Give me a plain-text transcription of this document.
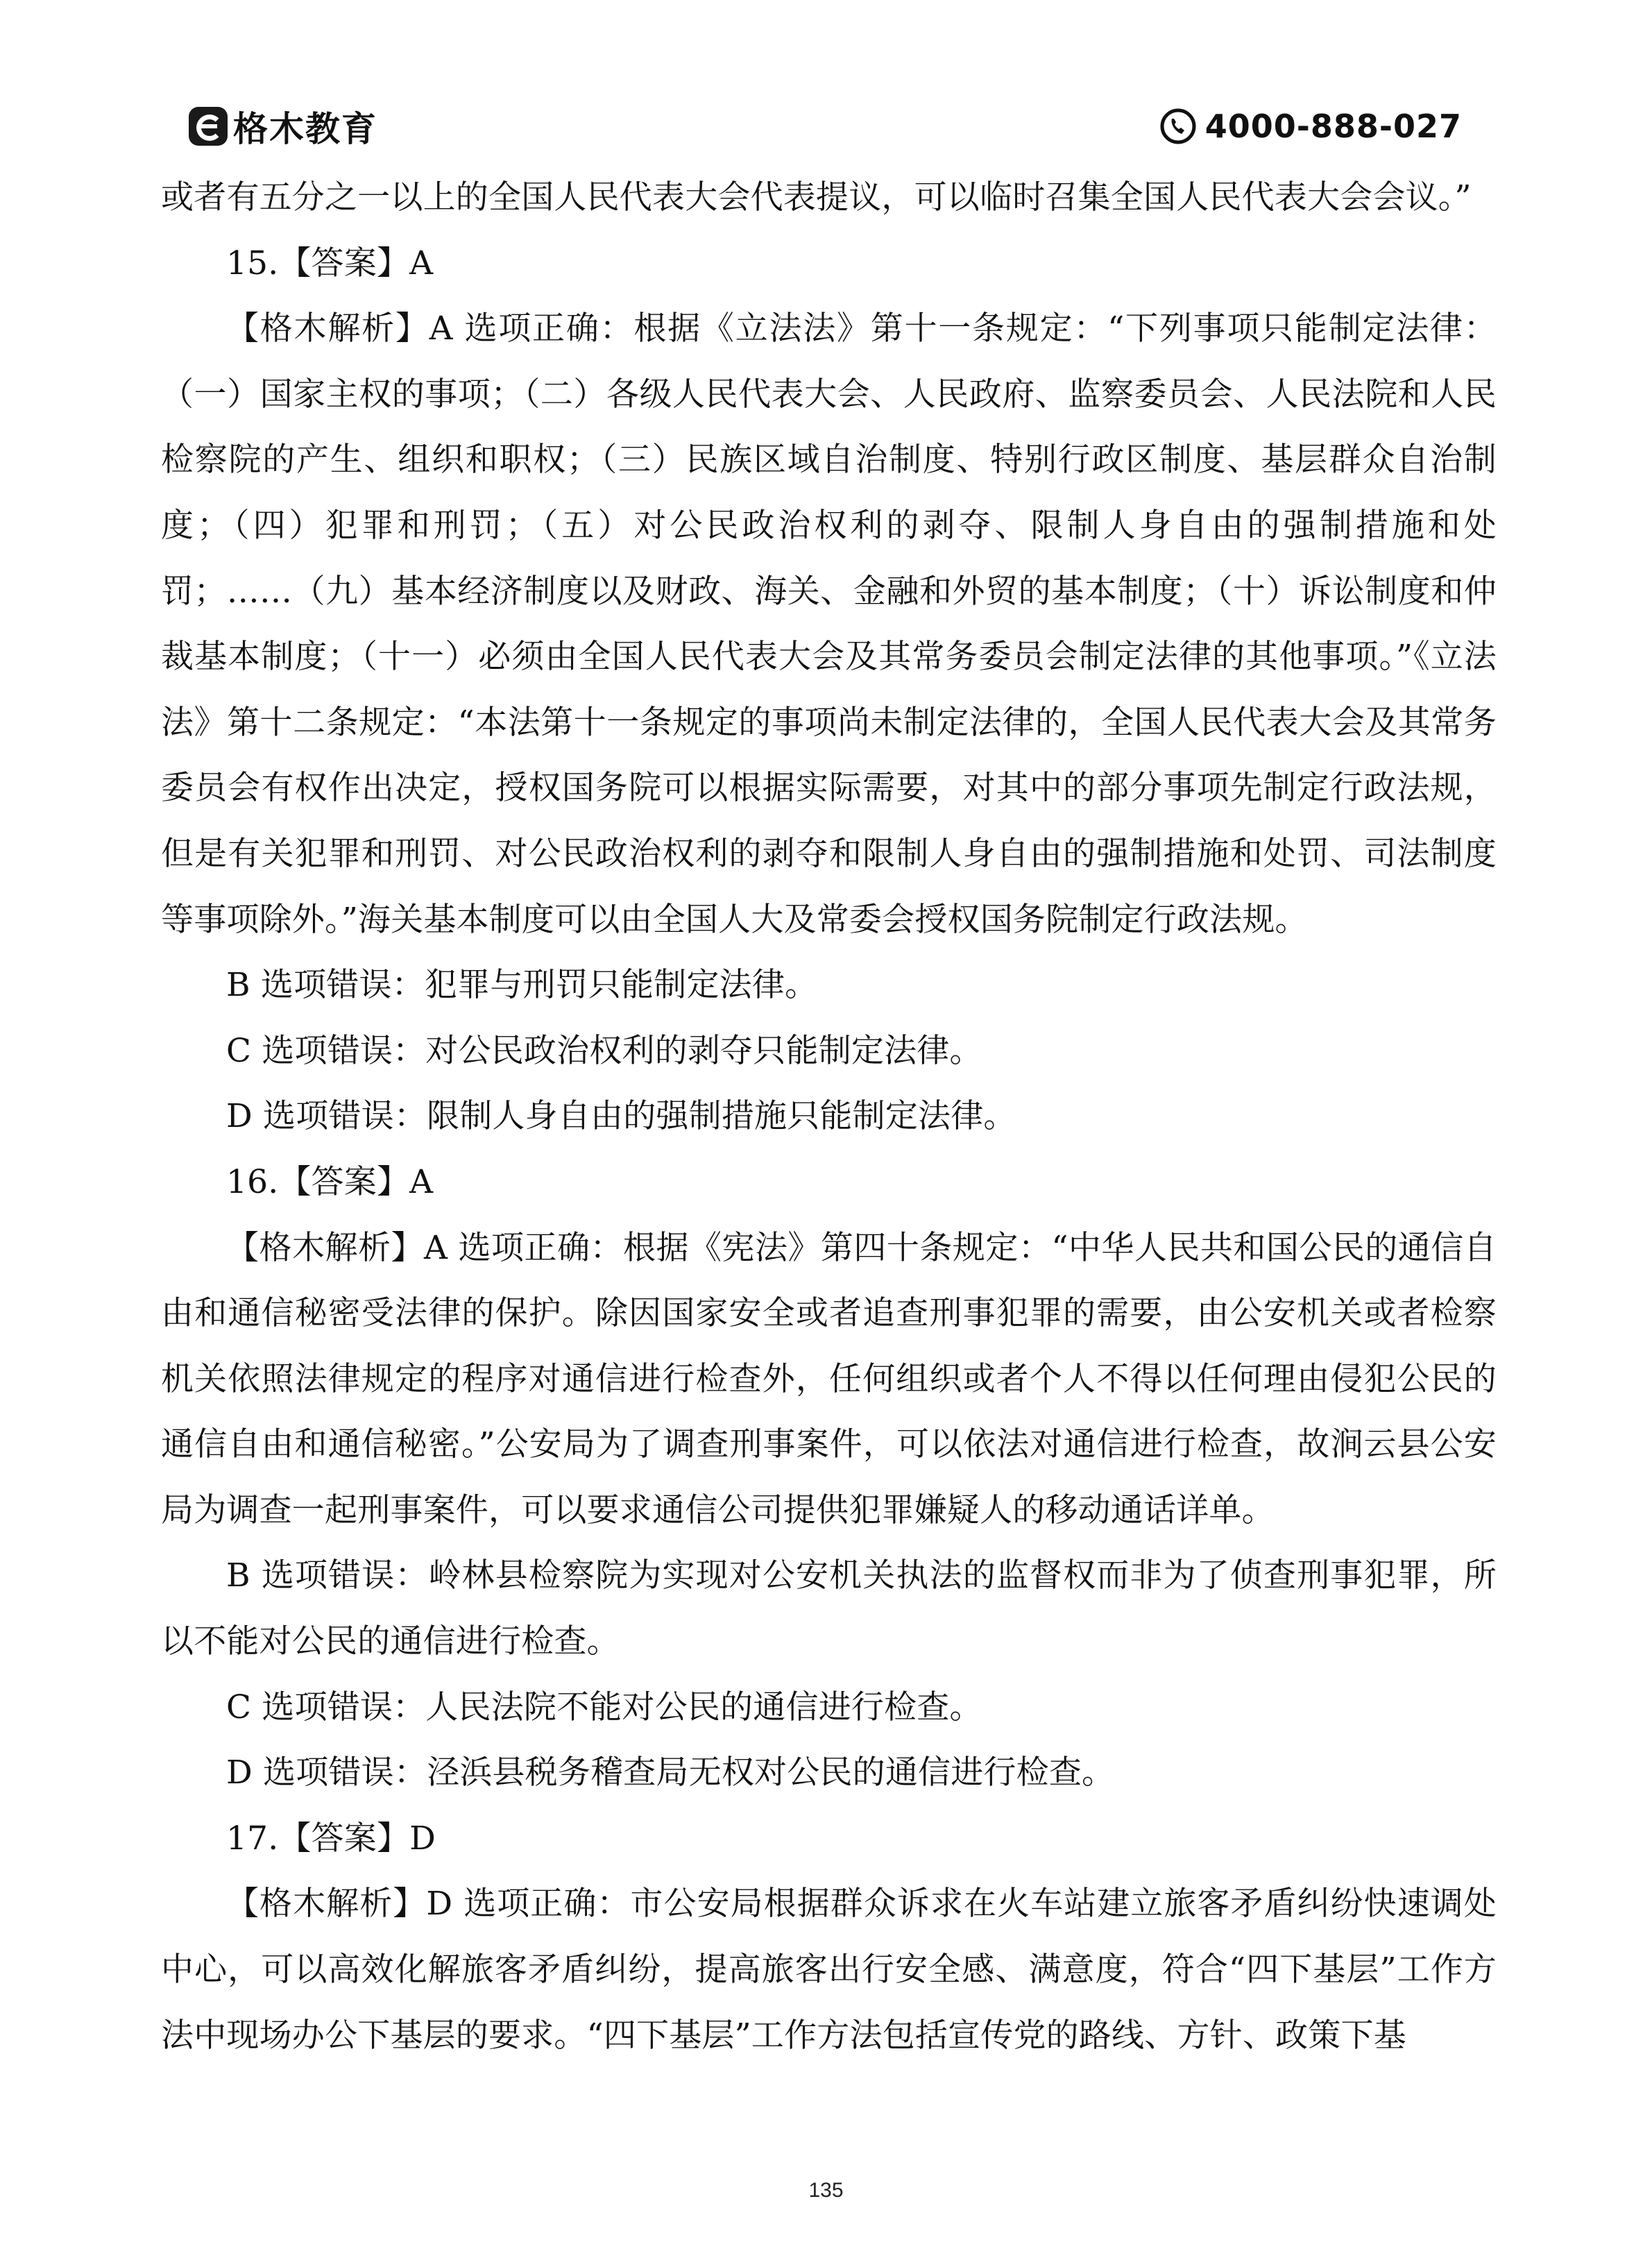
格木教育	4000-888-027

或者有五分之一以上的全国人民代表大会代表提议，可以临时召集全国人民代表大会会议。”

15.【答案】A

【格木解析】A 选项正确：根据《立法法》第十一条规定：“下列事项只能制定法律：（一）国家主权的事项；（二）各级人民代表大会、人民政府、监察委员会、人民法院和人民检察院的产生、组织和职权；（三）民族区域自治制度、特别行政区制度、基层群众自治制度；（四）犯罪和刑罚；（五）对公民政治权利的剥夺、限制人身自由的强制措施和处罚；……（九）基本经济制度以及财政、海关、金融和外贸的基本制度；（十）诉讼制度和仲裁基本制度；（十一）必须由全国人民代表大会及其常务委员会制定法律的其他事项。”《立法法》第十二条规定：“本法第十一条规定的事项尚未制定法律的，全国人民代表大会及其常务委员会有权作出决定，授权国务院可以根据实际需要，对其中的部分事项先制定行政法规，但是有关犯罪和刑罚、对公民政治权利的剥夺和限制人身自由的强制措施和处罚、司法制度等事项除外。”海关基本制度可以由全国人大及常委会授权国务院制定行政法规。

B 选项错误：犯罪与刑罚只能制定法律。

C 选项错误：对公民政治权利的剥夺只能制定法律。

D 选项错误：限制人身自由的强制措施只能制定法律。

16.【答案】A

【格木解析】A 选项正确：根据《宪法》第四十条规定：“中华人民共和国公民的通信自由和通信秘密受法律的保护。除因国家安全或者追查刑事犯罪的需要，由公安机关或者检察机关依照法律规定的程序对通信进行检查外，任何组织或者个人不得以任何理由侵犯公民的通信自由和通信秘密。”公安局为了调查刑事案件，可以依法对通信进行检查，故涧云县公安局为调查一起刑事案件，可以要求通信公司提供犯罪嫌疑人的移动通话详单。

B 选项错误：岭林县检察院为实现对公安机关执法的监督权而非为了侦查刑事犯罪，所以不能对公民的通信进行检查。

C 选项错误：人民法院不能对公民的通信进行检查。

D 选项错误：泾浜县税务稽查局无权对公民的通信进行检查。

17.【答案】D

【格木解析】D 选项正确：市公安局根据群众诉求在火车站建立旅客矛盾纠纷快速调处中心，可以高效化解旅客矛盾纠纷，提高旅客出行安全感、满意度，符合“四下基层”工作方法中现场办公下基层的要求。“四下基层”工作方法包括宣传党的路线、方针、政策下基

135
